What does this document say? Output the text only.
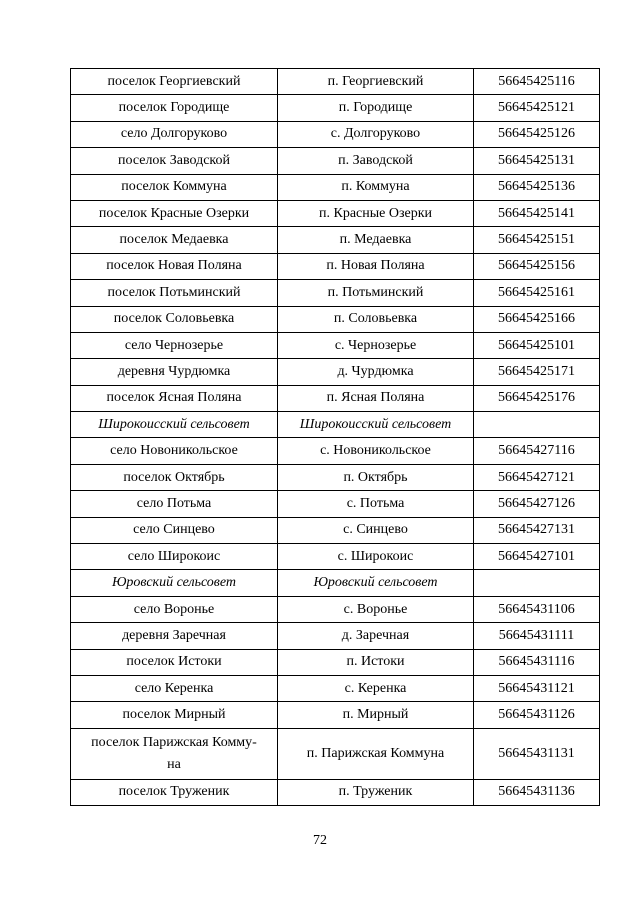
поселок Георгиевский	п. Георгиевский	56645425116
поселок Городище	п. Городище	56645425121
село Долгоруково	с. Долгоруково	56645425126
поселок Заводской	п. Заводской	56645425131
поселок Коммуна	п. Коммуна	56645425136
поселок Красные Озерки	п. Красные Озерки	56645425141
поселок Медаевка	п. Медаевка	56645425151
поселок Новая Поляна	п. Новая Поляна	56645425156
поселок Потьминский	п. Потьминский	56645425161
поселок Соловьевка	п. Соловьевка	56645425166
село Чернозерье	с. Чернозерье	56645425101
деревня Чурдюмка	д. Чурдюмка	56645425171
поселок Ясная Поляна	п. Ясная Поляна	56645425176
Широкоисский сельсовет	Широкоисский сельсовет	
село Новоникольское	с. Новоникольское	56645427116
поселок Октябрь	п. Октябрь	56645427121
село Потьма	с. Потьма	56645427126
село Синцево	с. Синцево	56645427131
село Широкоис	с. Широкоис	56645427101
Юровский сельсовет	Юровский сельсовет	
село Воронье	с. Воронье	56645431106
деревня Заречная	д. Заречная	56645431111
поселок Истоки	п. Истоки	56645431116
село Керенка	с. Керенка	56645431121
поселок Мирный	п. Мирный	56645431126
поселок Парижская Комму-
на	п. Парижская Коммуна	56645431131
поселок Труженик	п. Труженик	56645431136
72
